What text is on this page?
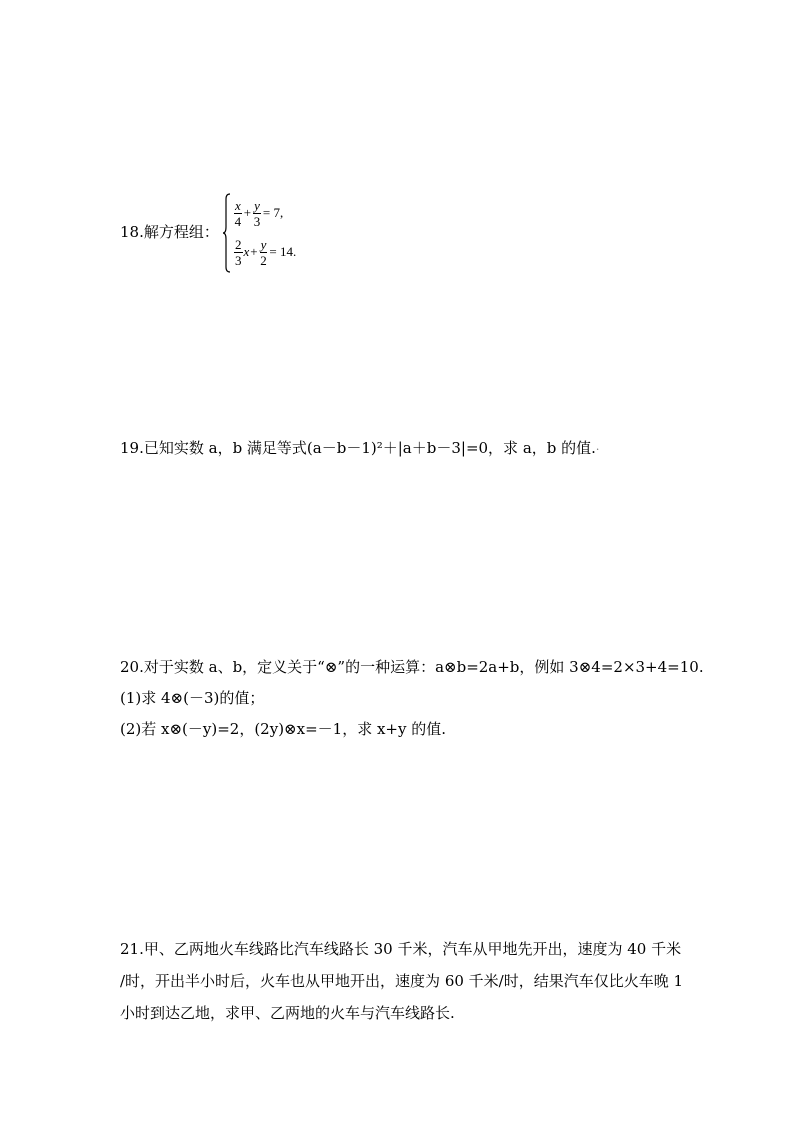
18.解方程组：
$\frac{x}{4} + \frac{y}{3} = 7$,
$\frac{2}{3}$ $x + \frac{y}{2} = 14$.
19.已知实数 a，b 满足等式(a－b－1)²＋|a＋b－3|=0，求 a，b 的值.·
20.对于实数 a、b，定义关于“⊗”的一种运算：a⊗b=2a+b，例如 3⊗4=2×3+4=10.
(1)求 4⊗(－3)的值；
(2)若 x⊗(－y)=2，(2y)⊗x=－1，求 x+y 的值.
21.甲、乙两地火车线路比汽车线路长 30 千米，汽车从甲地先开出，速度为 40 千米
/时，开出半小时后，火车也从甲地开出，速度为 60 千米/时，结果汽车仅比火车晚 1
小时到达乙地，求甲、乙两地的火车与汽车线路长.
